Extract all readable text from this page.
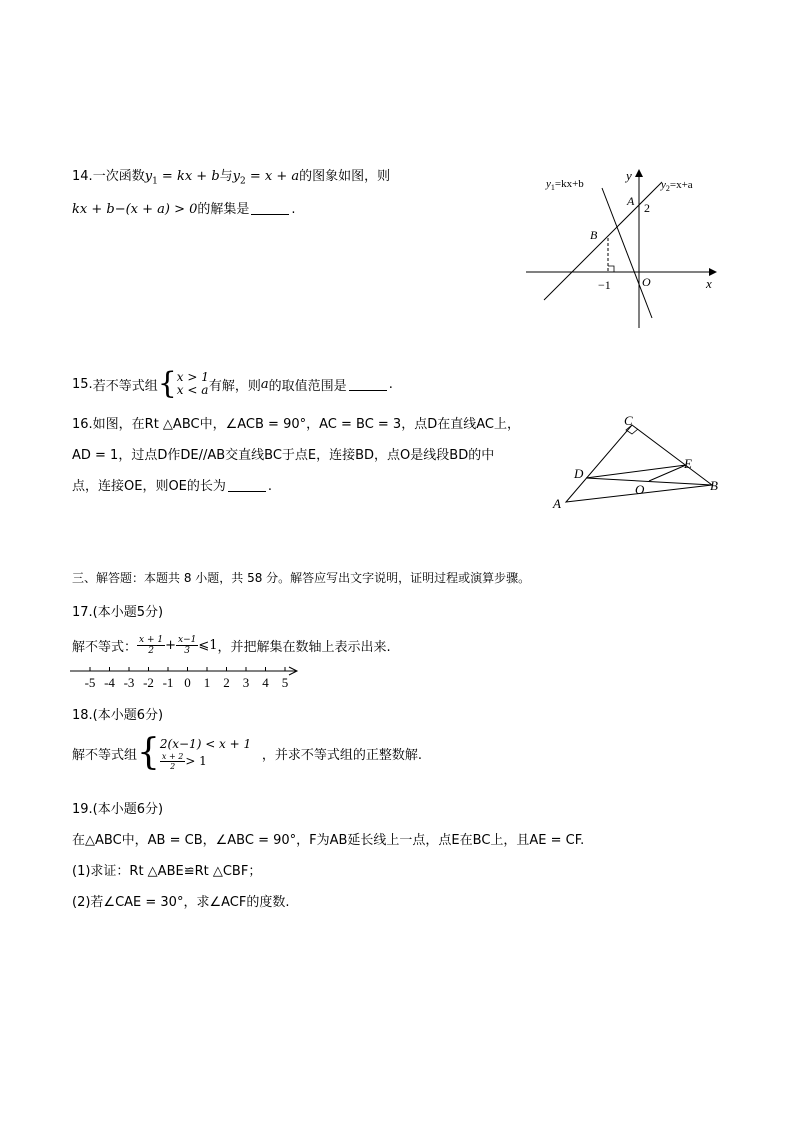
14.一次函数$y_1$ = kx + b与$y_2 = x + a$的图象如图，则
kx + b−(x + a) > 0的解集是	.
$y_1=kx+b$	$y_2=x+a$
y
x
A 2
B
O
−1
15. 若不等式组 { x > 1
x < a 有解，则 a 的取值范围是	.
16.如图，在Rt △ABC中，∠ACB = 90°，AC = BC = 3，点D在直线AC上，
AD = 1，过点D作DE//AB交直线BC于点E，连接BD，点O是线段BD的中
点，连接OE，则OE的长为	.
C
D
E
O	B
A
三、解答题：本题共 8 小题，共 58 分。解答应写出文字说明，证明过程或演算步骤。
17.(本小题5分)
解不等式： $\frac{x + 1}{2} + \frac{x-1}{3}$ ⩽1 ，并把解集在数轴上表示出来.
-5 -4 -3 -2 -1 0 1 2 3 4 5
18.(本小题6分)
解不等式组 { 2(x−1) < x + 1
$\frac{x + 2}{2} > 1$	，并求不等式组的正整数解.
19.(本小题6分)
在△ABC中，AB = CB，∠ABC = 90°，F为AB延长线上一点，点E在BC上，且AE = CF.
(1)求证：Rt △ABE≌Rt △CBF；
(2)若∠CAE = 30°，求∠ACF的度数.
